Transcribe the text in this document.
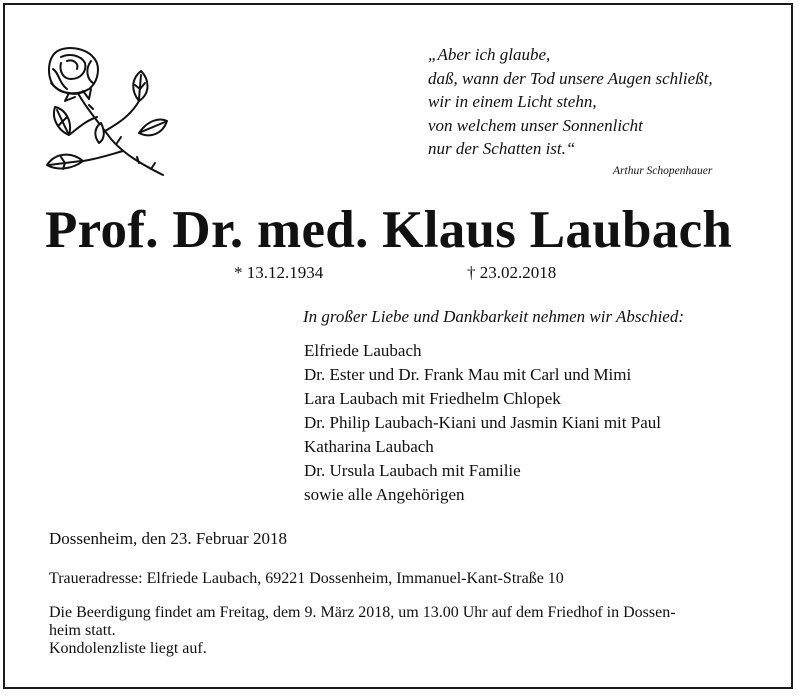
„Aber ich glaube,
daß, wann der Tod unsere Augen schließt,
wir in einem Licht stehn,
von welchem unser Sonnenlicht
nur der Schatten ist.“
Arthur Schopenhauer
Prof. Dr. med. Klaus Laubach
* 13.12.1934	† 23.02.2018
In großer Liebe und Dankbarkeit nehmen wir Abschied:
Elfriede Laubach
Dr. Ester und Dr. Frank Mau mit Carl und Mimi
Lara Laubach mit Friedhelm Chlopek
Dr. Philip Laubach-Kiani und Jasmin Kiani mit Paul
Katharina Laubach
Dr. Ursula Laubach mit Familie
sowie alle Angehörigen
Dossenheim, den 23. Februar 2018
Traueradresse: Elfriede Laubach, 69221 Dossenheim, Immanuel-Kant-Straße 10
Die Beerdigung findet am Freitag, dem 9. März 2018, um 13.00 Uhr auf dem Friedhof in Dossen-
heim statt.
Kondolenzliste liegt auf.
